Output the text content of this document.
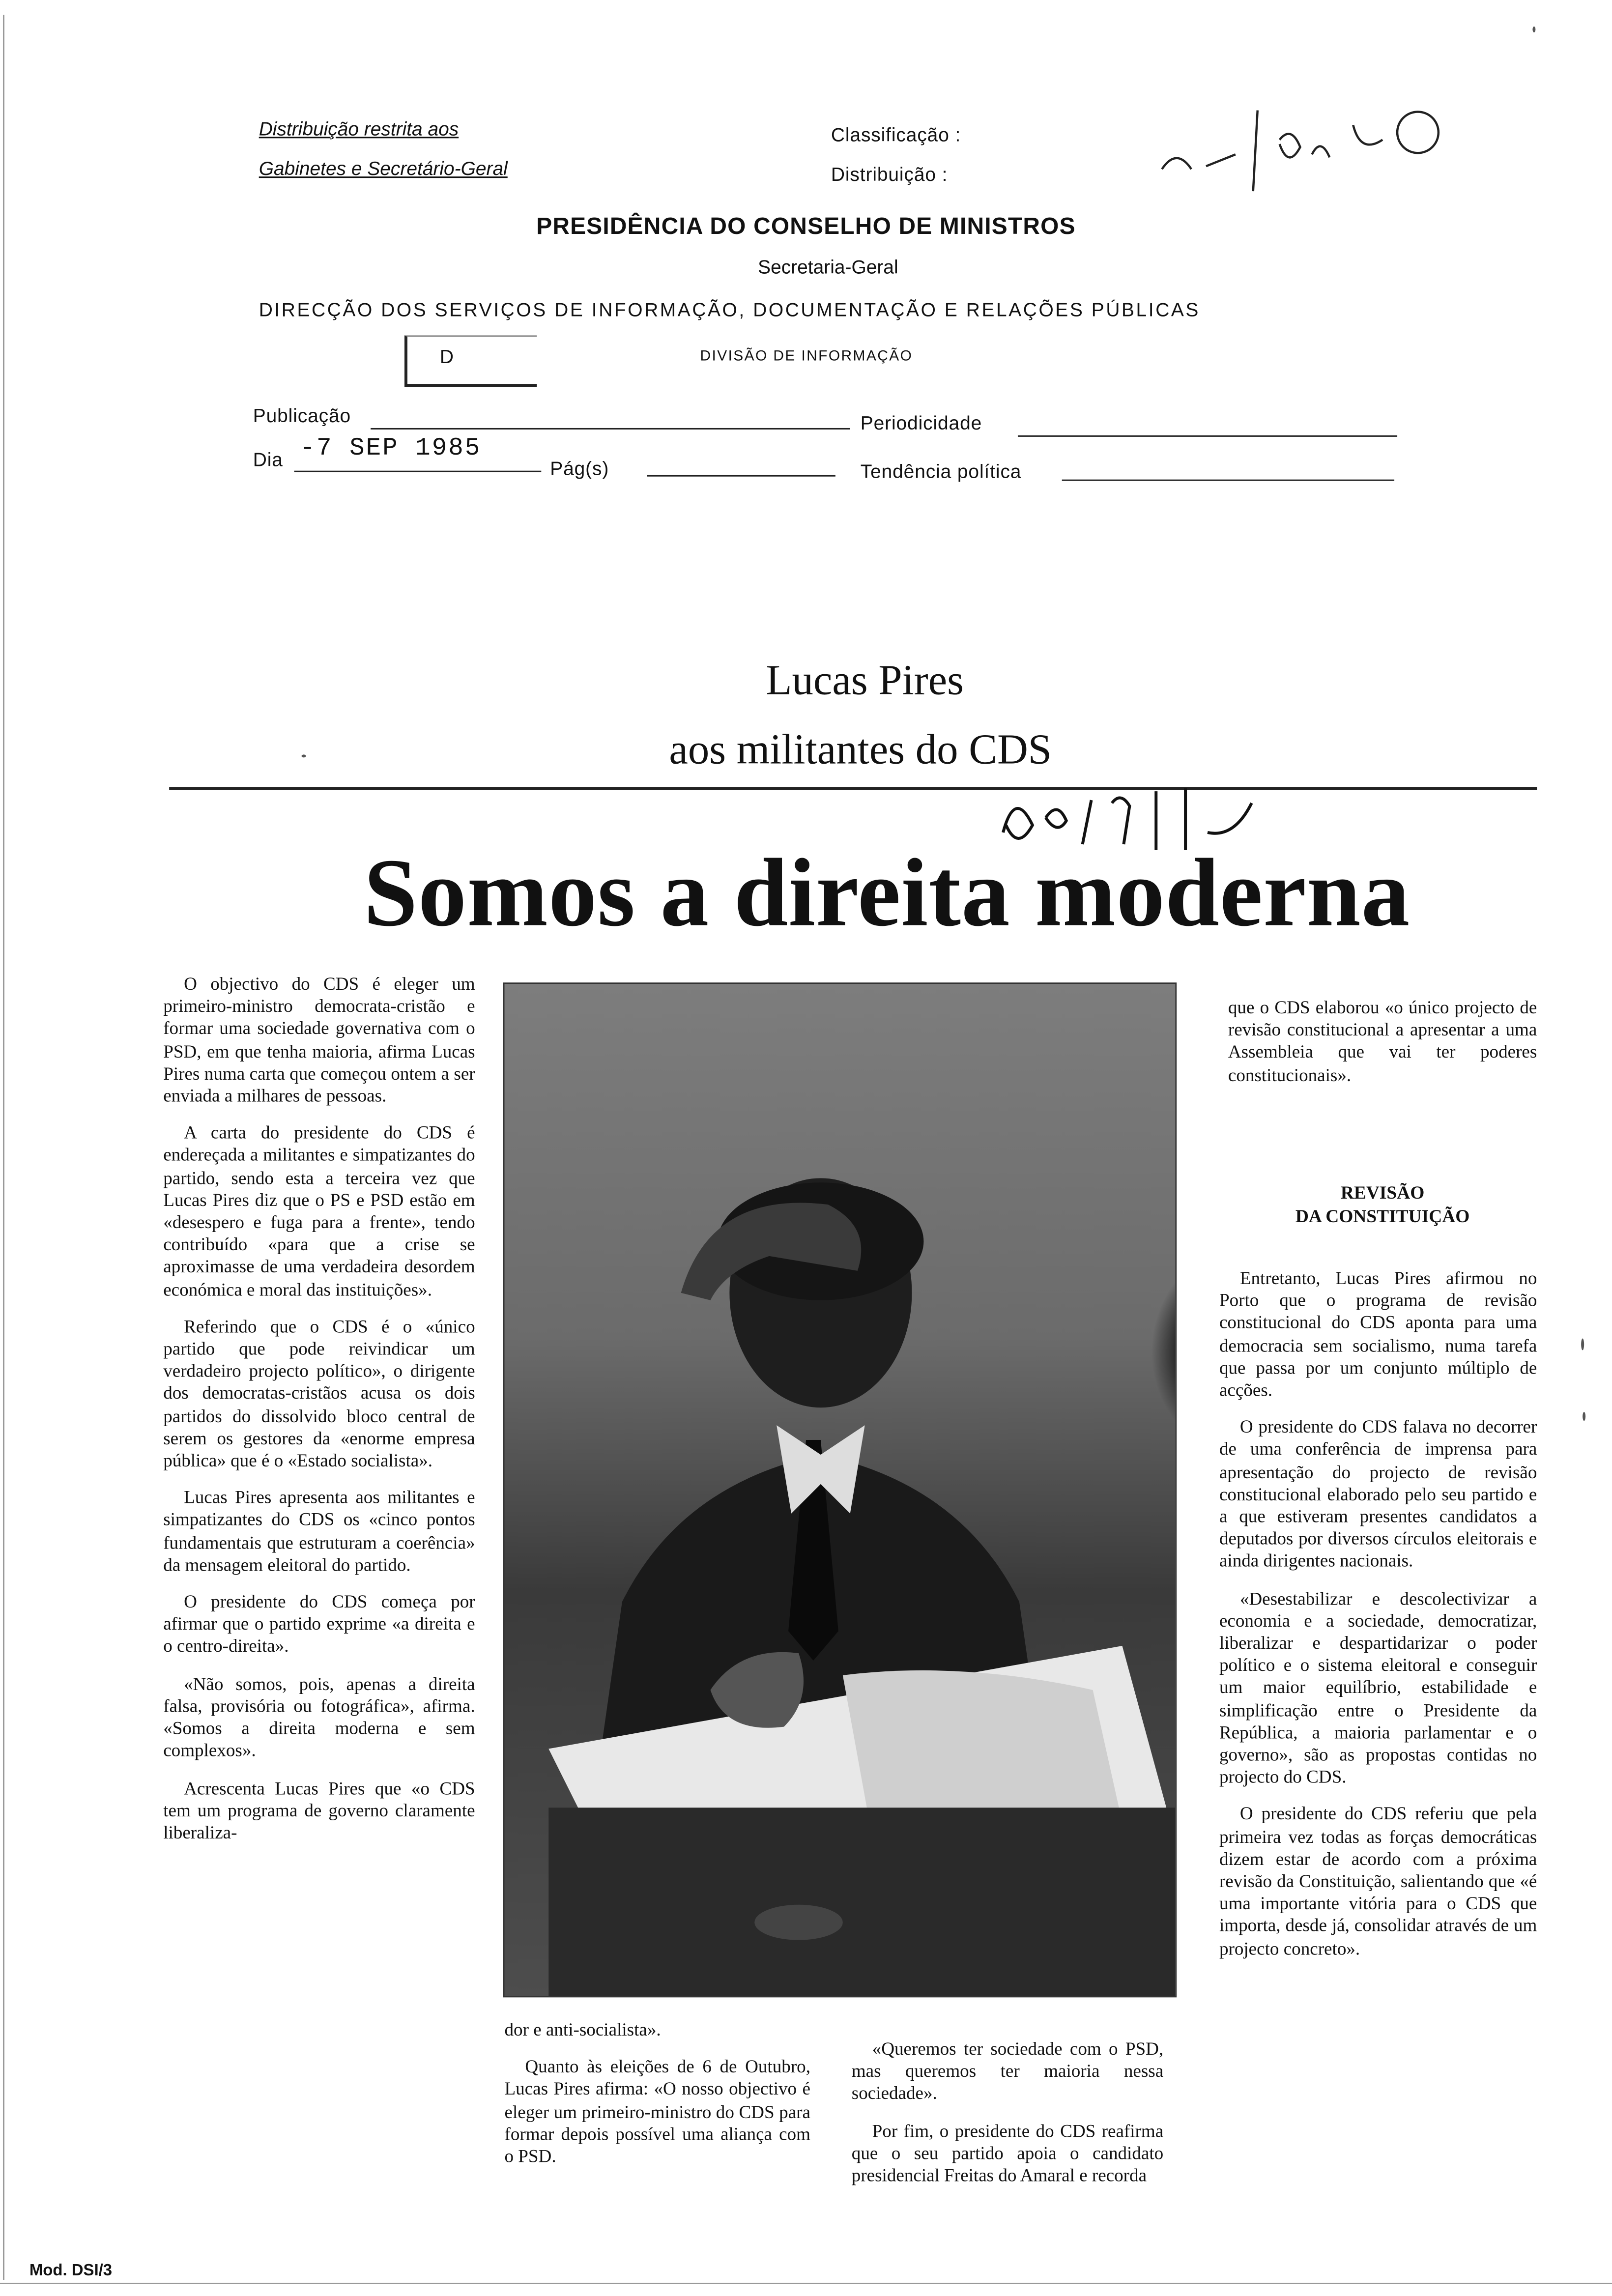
Distribuição restrita aos
Gabinetes e Secretário-Geral
Classificação :
Distribuição :
PRESIDÊNCIA DO CONSELHO DE MINISTROS
Secretaria-Geral
DIRECÇÃO DOS SERVIÇOS DE INFORMAÇÃO, DOCUMENTAÇÃO E RELAÇÕES PÚBLICAS
D	DIVISÃO DE INFORMAÇÃO
Publicação	Periodicidade
Dia -7 SEP 1985
Pág(s)	Tendência política
Lucas Pires
aos militantes do CDS
Somos a direita moderna

O objectivo do CDS é eleger um primeiro-ministro democrata-cristão e formar uma sociedade governativa com o PSD, em que tenha maioria, afirma Lucas Pires numa carta que começou ontem a ser enviada a milhares de pessoas.

A carta do presidente do CDS é endereçada a militantes e simpatizantes do partido, sendo esta a terceira vez que Lucas Pires diz que o PS e PSD estão em «desespero e fuga para a frente», tendo contribuído «para que a crise se aproximasse de uma verdadeira desordem económica e moral das instituições».

Referindo que o CDS é o «único partido que pode reivindicar um verdadeiro projecto político», o dirigente dos democratas-cristãos acusa os dois partidos do dissolvido bloco central de serem os gestores da «enorme empresa pública» que é o «Estado socialista».

Lucas Pires apresenta aos militantes e simpatizantes do CDS os «cinco pontos fundamentais que estruturam a coerência» da mensagem eleitoral do partido.

O presidente do CDS começa por afirmar que o partido exprime «a direita e o centro-direita».

«Não somos, pois, apenas a direita falsa, provisória ou fotográfica», afirma. «Somos a direita moderna e sem complexos».

Acrescenta Lucas Pires que «o CDS tem um programa de governo claramente liberaliza-

dor e anti-socialista».

Quanto às eleições de 6 de Outubro, Lucas Pires afirma: «O nosso objectivo é eleger um primeiro-ministro do CDS para formar depois possível uma aliança com o PSD.

«Queremos ter sociedade com o PSD, mas queremos ter maioria nessa sociedade».

Por fim, o presidente do CDS reafirma que o seu partido apoia o candidato presidencial Freitas do Amaral e recorda

que o CDS elaborou «o único projecto de revisão constitucional a apresentar a uma Assembleia que vai ter poderes constitucionais».

REVISÃO
DA CONSTITUIÇÃO

Entretanto, Lucas Pires afirmou no Porto que o programa de revisão constitucional do CDS aponta para uma democracia sem socialismo, numa tarefa que passa por um conjunto múltiplo de acções.

O presidente do CDS falava no decorrer de uma conferência de imprensa para apresentação do projecto de revisão constitucional elaborado pelo seu partido e a que estiveram presentes candidatos a deputados por diversos círculos eleitorais e ainda dirigentes nacionais.

«Desestabilizar e descolectivizar a economia e a sociedade, democratizar, liberalizar e despartidarizar o poder político e o sistema eleitoral e conseguir um maior equilíbrio, estabilidade e simplificação entre o Presidente da República, a maioria parlamentar e o governo», são as propostas contidas no projecto do CDS.

O presidente do CDS referiu que pela primeira vez todas as forças democráticas dizem estar de acordo com a próxima revisão da Constituição, salientando que «é uma importante vitória para o CDS que importa, desde já, consolidar através de um projecto concreto».

Mod. DSI/3
